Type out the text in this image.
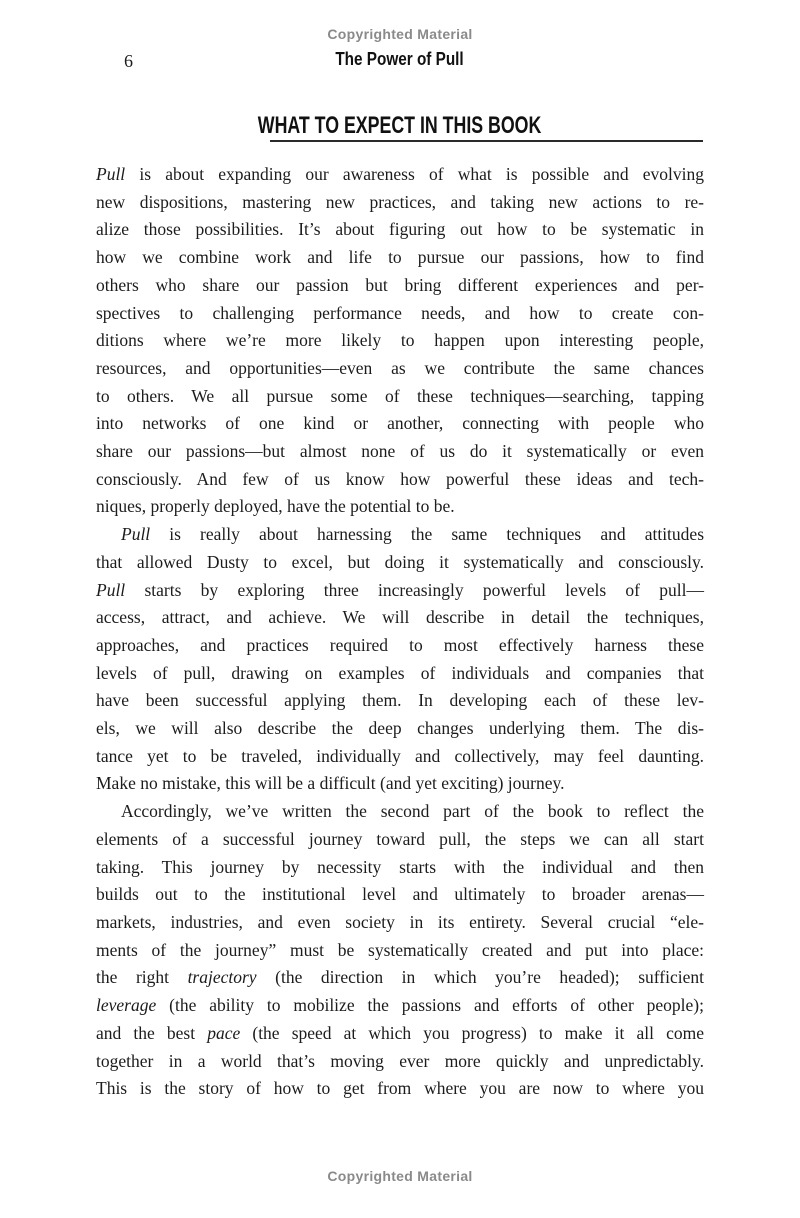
Copyrighted Material
6	The Power of Pull
WHAT TO EXPECT IN THIS BOOK
Pull is about expanding our awareness of what is possible and evolving
new dispositions, mastering new practices, and taking new actions to re-
alize those possibilities. It’s about figuring out how to be systematic in
how we combine work and life to pursue our passions, how to find
others who share our passion but bring different experiences and per-
spectives to challenging performance needs, and how to create con-
ditions where we’re more likely to happen upon interesting people,
resources, and opportunities—even as we contribute the same chances
to others. We all pursue some of these techniques—searching, tapping
into networks of one kind or another, connecting with people who
share our passions—but almost none of us do it systematically or even
consciously. And few of us know how powerful these ideas and tech-
niques, properly deployed, have the potential to be.
Pull is really about harnessing the same techniques and attitudes
that allowed Dusty to excel, but doing it systematically and consciously.
Pull starts by exploring three increasingly powerful levels of pull—
access, attract, and achieve. We will describe in detail the techniques,
approaches, and practices required to most effectively harness these
levels of pull, drawing on examples of individuals and companies that
have been successful applying them. In developing each of these lev-
els, we will also describe the deep changes underlying them. The dis-
tance yet to be traveled, individually and collectively, may feel daunting.
Make no mistake, this will be a difficult (and yet exciting) journey.
Accordingly, we’ve written the second part of the book to reflect the
elements of a successful journey toward pull, the steps we can all start
taking. This journey by necessity starts with the individual and then
builds out to the institutional level and ultimately to broader arenas—
markets, industries, and even society in its entirety. Several crucial “ele-
ments of the journey” must be systematically created and put into place:
the right trajectory (the direction in which you’re headed); sufficient
leverage (the ability to mobilize the passions and efforts of other people);
and the best pace (the speed at which you progress) to make it all come
together in a world that’s moving ever more quickly and unpredictably.
This is the story of how to get from where you are now to where you
Copyrighted Material
